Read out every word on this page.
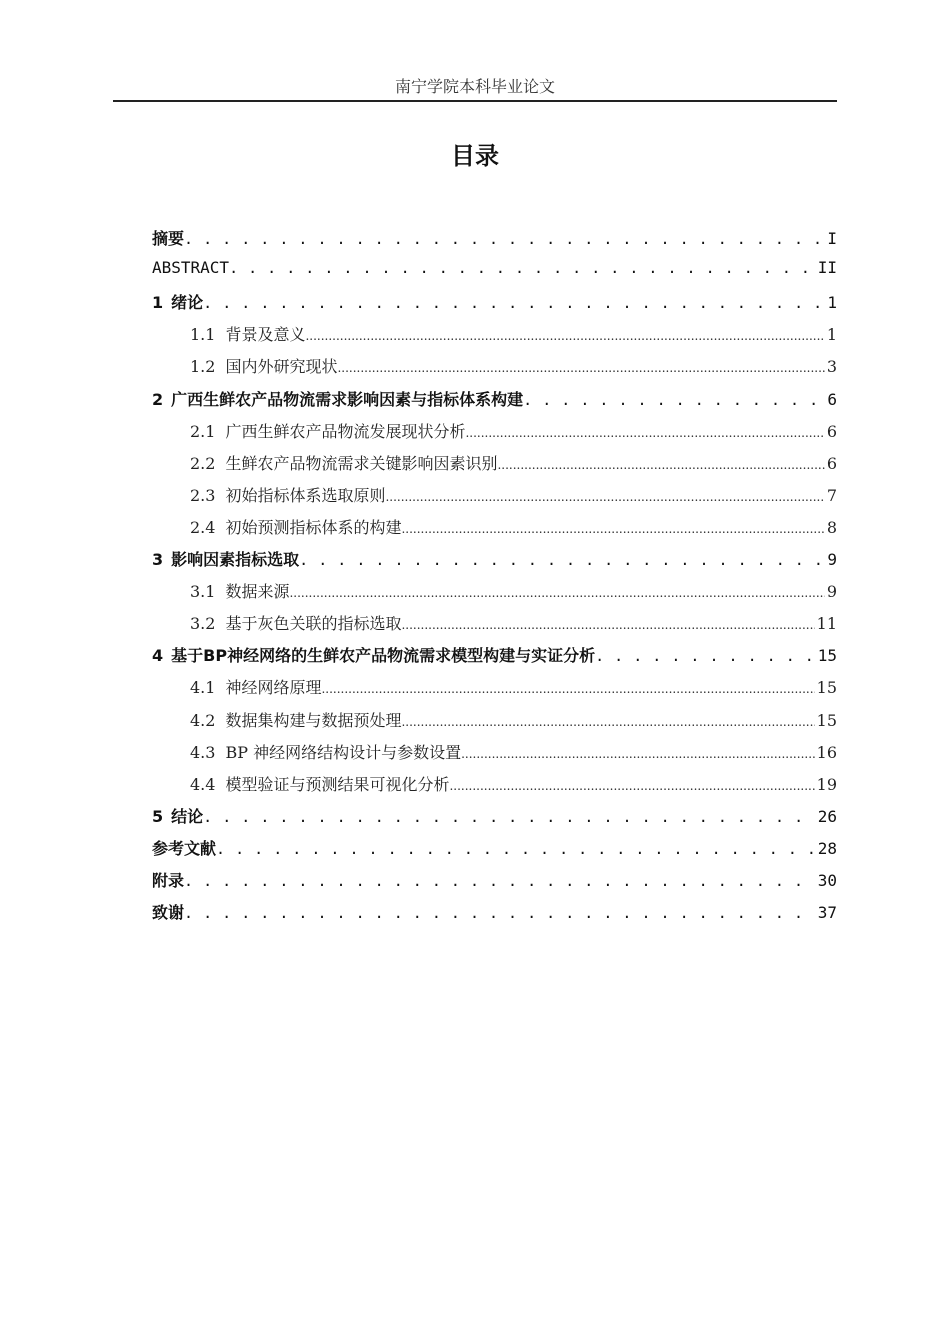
南宁学院本科毕业论文
目录
摘要 . . .	I
ABSTRACT . . .	II
1 绪论 . . .	1
1.1 背景及意义 .....	1
1.2 国内外研究现状 .....	3
2 广西生鲜农产品物流需求影响因素与指标体系构建 . . .	6
2.1 广西生鲜农产品物流发展现状分析 .....	6
2.2 生鲜农产品物流需求关键影响因素识别 .....	6
2.3 初始指标体系选取原则 .....	7
2.4 初始预测指标体系的构建 .....	8
3 影响因素指标选取 . . .	9
3.1 数据来源 .....	9
3.2 基于灰色关联的指标选取 .....	11
4 基于BP神经网络的生鲜农产品物流需求模型构建与实证分析 . . .	15
4.1 神经网络原理 .....	15
4.2 数据集构建与数据预处理 .....	15
4.3 BP 神经网络结构设计与参数设置 .....	16
4.4 模型验证与预测结果可视化分析 .....	19
5 结论 . . .	26
参考文献 . . .	28
附录 . . .	30
致谢 . . .	37
